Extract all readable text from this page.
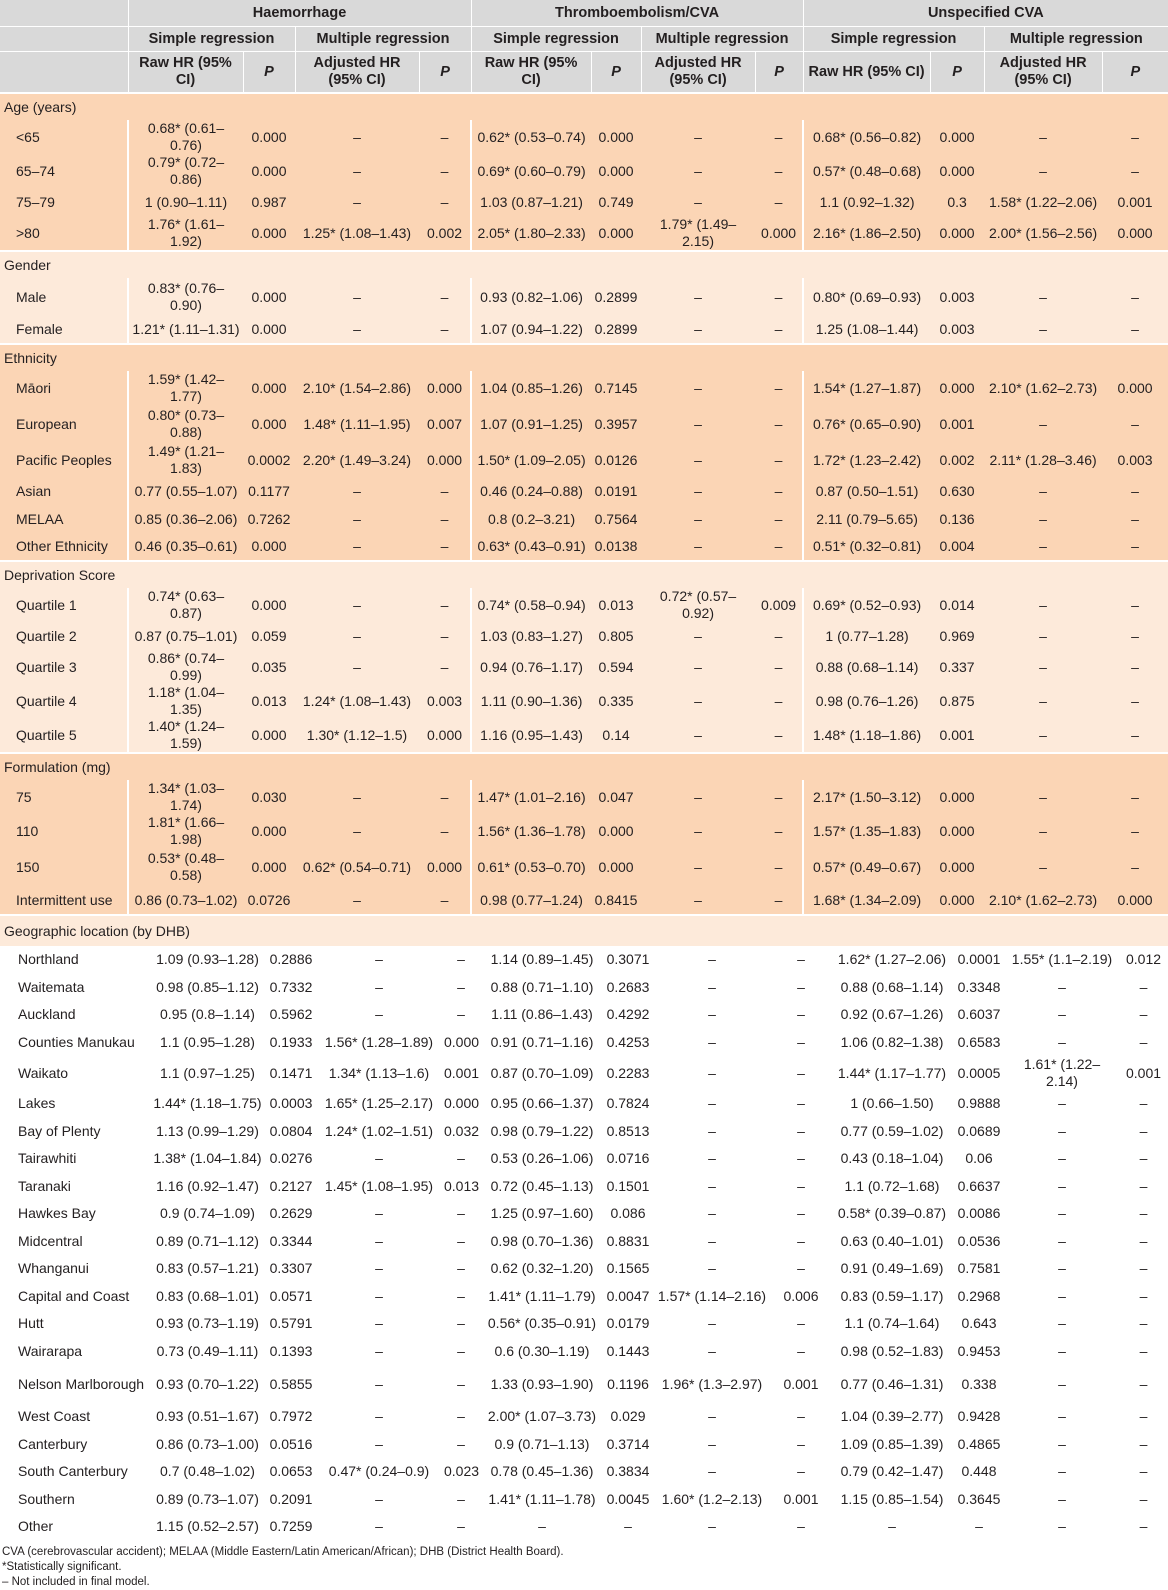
	Haemorrhage				Thromboembolism/CVA				Unspecified CVA			
	Simple regression		Multiple regression		Simple regression		Multiple regression		Simple regression		Multiple regression	
	Raw HR (95% CI)	P	Adjusted HR (95% CI)	P	Raw HR (95% CI)	P	Adjusted HR (95% CI)	P	Raw HR (95% CI)	P	Adjusted HR (95% CI)	P
Age (years)												
<65	0.68* (0.61–0.76)	0.000	–	–	0.62* (0.53–0.74)	0.000	–	–	0.68* (0.56–0.82)	0.000	–	–
65–74	0.79* (0.72–0.86)	0.000	–	–	0.69* (0.60–0.79)	0.000	–	–	0.57* (0.48–0.68)	0.000	–	–
75–79	1 (0.90–1.11)	0.987	–	–	1.03 (0.87–1.21)	0.749	–	–	1.1 (0.92–1.32)	0.3	1.58* (1.22–2.06)	0.001
>80	1.76* (1.61–1.92)	0.000	1.25* (1.08–1.43)	0.002	2.05* (1.80–2.33)	0.000	1.79* (1.49–2.15)	0.000	2.16* (1.86–2.50)	0.000	2.00* (1.56–2.56)	0.000
Gender												
Male	0.83* (0.76–0.90)	0.000	–	–	0.93 (0.82–1.06)	0.2899	–	–	0.80* (0.69–0.93)	0.003	–	–
Female	1.21* (1.11–1.31)	0.000	–	–	1.07 (0.94–1.22)	0.2899	–	–	1.25 (1.08–1.44)	0.003	–	–
Ethnicity												
Māori	1.59* (1.42–1.77)	0.000	2.10* (1.54–2.86)	0.000	1.04 (0.85–1.26)	0.7145	–	–	1.54* (1.27–1.87)	0.000	2.10* (1.62–2.73)	0.000
European	0.80* (0.73–0.88)	0.000	1.48* (1.11–1.95)	0.007	1.07 (0.91–1.25)	0.3957	–	–	0.76* (0.65–0.90)	0.001	–	–
Pacific Peoples	1.49* (1.21–1.83)	0.0002	2.20* (1.49–3.24)	0.000	1.50* (1.09–2.05)	0.0126	–	–	1.72* (1.23–2.42)	0.002	2.11* (1.28–3.46)	0.003
Asian	0.77 (0.55–1.07)	0.1177	–	–	0.46 (0.24–0.88)	0.0191	–	–	0.87 (0.50–1.51)	0.630	–	–
MELAA	0.85 (0.36–2.06)	0.7262	–	–	0.8 (0.2–3.21)	0.7564	–	–	2.11 (0.79–5.65)	0.136	–	–
Other Ethnicity	0.46 (0.35–0.61)	0.000	–	–	0.63* (0.43–0.91)	0.0138	–	–	0.51* (0.32–0.81)	0.004	–	–
Deprivation Score												
Quartile 1	0.74* (0.63–0.87)	0.000	–	–	0.74* (0.58–0.94)	0.013	0.72* (0.57–0.92)	0.009	0.69* (0.52–0.93)	0.014	–	–
Quartile 2	0.87 (0.75–1.01)	0.059	–	–	1.03 (0.83–1.27)	0.805	–	–	1 (0.77–1.28)	0.969	–	–
Quartile 3	0.86* (0.74–0.99)	0.035	–	–	0.94 (0.76–1.17)	0.594	–	–	0.88 (0.68–1.14)	0.337	–	–
Quartile 4	1.18* (1.04–1.35)	0.013	1.24* (1.08–1.43)	0.003	1.11 (0.90–1.36)	0.335	–	–	0.98 (0.76–1.26)	0.875	–	–
Quartile 5	1.40* (1.24–1.59)	0.000	1.30* (1.12–1.5)	0.000	1.16 (0.95–1.43)	0.14	–	–	1.48* (1.18–1.86)	0.001	–	–
Formulation (mg)												
75	1.34* (1.03–1.74)	0.030	–	–	1.47* (1.01–2.16)	0.047	–	–	2.17* (1.50–3.12)	0.000	–	–
110	1.81* (1.66–1.98)	0.000	–	–	1.56* (1.36–1.78)	0.000	–	–	1.57* (1.35–1.83)	0.000	–	–
150	0.53* (0.48–0.58)	0.000	0.62* (0.54–0.71)	0.000	0.61* (0.53–0.70)	0.000	–	–	0.57* (0.49–0.67)	0.000	–	–
Intermittent use	0.86 (0.73–1.02)	0.0726	–	–	0.98 (0.77–1.24)	0.8415	–	–	1.68* (1.34–2.09)	0.000	2.10* (1.62–2.73)	0.000
Geographic location (by DHB)												
Northland	1.09 (0.93–1.28)	0.2886	–	–	1.14 (0.89–1.45)	0.3071	–	–	1.62* (1.27–2.06)	0.0001	1.55* (1.1–2.19)	0.012
Waitemata	0.98 (0.85–1.12)	0.7332	–	–	0.88 (0.71–1.10)	0.2683	–	–	0.88 (0.68–1.14)	0.3348	–	–
Auckland	0.95 (0.8–1.14)	0.5962	–	–	1.11 (0.86–1.43)	0.4292	–	–	0.92 (0.67–1.26)	0.6037	–	–
Counties Manukau	1.1 (0.95–1.28)	0.1933	1.56* (1.28–1.89)	0.000	0.91 (0.71–1.16)	0.4253	–	–	1.06 (0.82–1.38)	0.6583	–	–
Waikato	1.1 (0.97–1.25)	0.1471	1.34* (1.13–1.6)	0.001	0.87 (0.70–1.09)	0.2283	–	–	1.44* (1.17–1.77)	0.0005	1.61* (1.22–2.14)	0.001
Lakes	1.44* (1.18–1.75)	0.0003	1.65* (1.25–2.17)	0.000	0.95 (0.66–1.37)	0.7824	–	–	1 (0.66–1.50)	0.9888	–	–
Bay of Plenty	1.13 (0.99–1.29)	0.0804	1.24* (1.02–1.51)	0.032	0.98 (0.79–1.22)	0.8513	–	–	0.77 (0.59–1.02)	0.0689	–	–
Tairawhiti	1.38* (1.04–1.84)	0.0276	–	–	0.53 (0.26–1.06)	0.0716	–	–	0.43 (0.18–1.04)	0.06	–	–
Taranaki	1.16 (0.92–1.47)	0.2127	1.45* (1.08–1.95)	0.013	0.72 (0.45–1.13)	0.1501	–	–	1.1 (0.72–1.68)	0.6637	–	–
Hawkes Bay	0.9 (0.74–1.09)	0.2629	–	–	1.25 (0.97–1.60)	0.086	–	–	0.58* (0.39–0.87)	0.0086	–	–
Midcentral	0.89 (0.71–1.12)	0.3344	–	–	0.98 (0.70–1.36)	0.8831	–	–	0.63 (0.40–1.01)	0.0536	–	–
Whanganui	0.83 (0.57–1.21)	0.3307	–	–	0.62 (0.32–1.20)	0.1565	–	–	0.91 (0.49–1.69)	0.7581	–	–
Capital and Coast	0.83 (0.68–1.01)	0.0571	–	–	1.41* (1.11–1.79)	0.0047	1.57* (1.14–2.16)	0.006	0.83 (0.59–1.17)	0.2968	–	–
Hutt	0.93 (0.73–1.19)	0.5791	–	–	0.56* (0.35–0.91)	0.0179	–	–	1.1 (0.74–1.64)	0.643	–	–
Wairarapa	0.73 (0.49–1.11)	0.1393	–	–	0.6 (0.30–1.19)	0.1443	–	–	0.98 (0.52–1.83)	0.9453	–	–
Nelson Marlborough	0.93 (0.70–1.22)	0.5855	–	–	1.33 (0.93–1.90)	0.1196	1.96* (1.3–2.97)	0.001	0.77 (0.46–1.31)	0.338	–	–
West Coast	0.93 (0.51–1.67)	0.7972	–	–	2.00* (1.07–3.73)	0.029	–	–	1.04 (0.39–2.77)	0.9428	–	–
Canterbury	0.86 (0.73–1.00)	0.0516	–	–	0.9 (0.71–1.13)	0.3714	–	–	1.09 (0.85–1.39)	0.4865	–	–
South Canterbury	0.7 (0.48–1.02)	0.0653	0.47* (0.24–0.9)	0.023	0.78 (0.45–1.36)	0.3834	–	–	0.79 (0.42–1.47)	0.448	–	–
Southern	0.89 (0.73–1.07)	0.2091	–	–	1.41* (1.11–1.78)	0.0045	1.60* (1.2–2.13)	0.001	1.15 (0.85–1.54)	0.3645	–	–
Other	1.15 (0.52–2.57)	0.7259	–	–	–	–	–	–	–	–	–	–
CVA (cerebrovascular accident); MELAA (Middle Eastern/Latin American/African); DHB (District Health Board).
*Statistically significant.
– Not included in final model.
